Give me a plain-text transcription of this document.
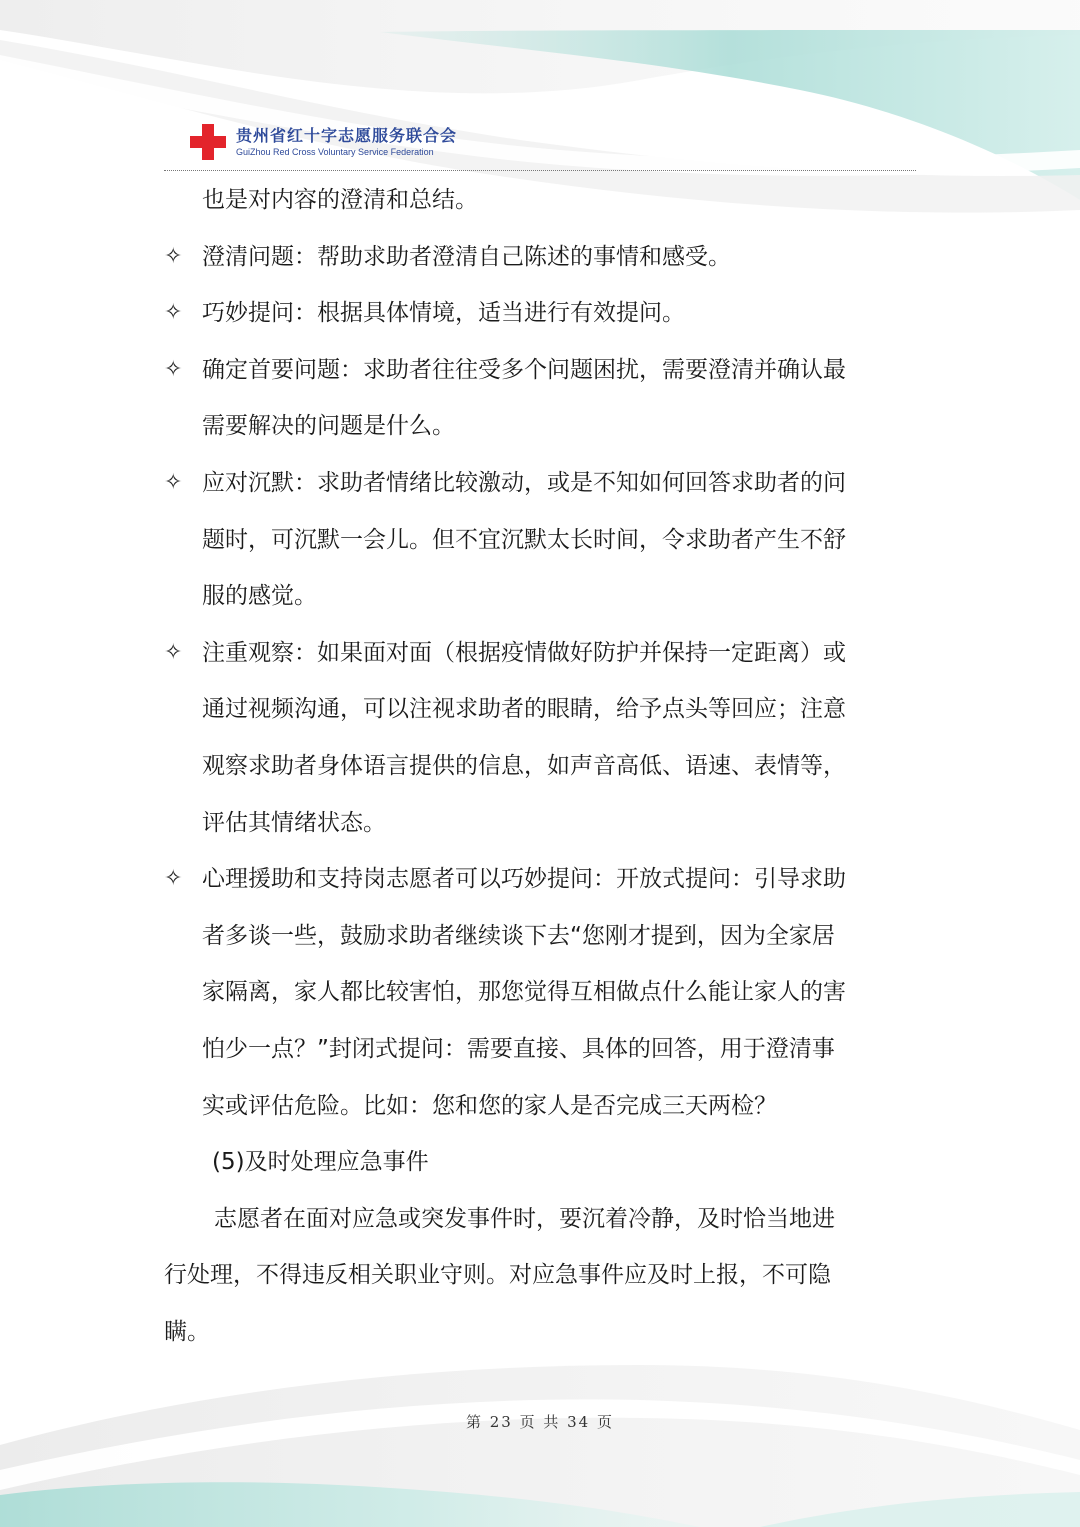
贵州省红十字志愿服务联合会
GuiZhou Red Cross Voluntary Service Federation
也是对内容的澄清和总结。
✧ 澄清问题：帮助求助者澄清自己陈述的事情和感受。
✧ 巧妙提问：根据具体情境，适当进行有效提问。
✧ 确定首要问题：求助者往往受多个问题困扰，需要澄清并确认最
需要解决的问题是什么。
✧ 应对沉默：求助者情绪比较激动，或是不知如何回答求助者的问
题时，可沉默一会儿。但不宜沉默太长时间，令求助者产生不舒
服的感觉。
✧ 注重观察：如果面对面（根据疫情做好防护并保持一定距离）或
通过视频沟通，可以注视求助者的眼睛，给予点头等回应；注意
观察求助者身体语言提供的信息，如声音高低、语速、表情等，
评估其情绪状态。
✧ 心理援助和支持岗志愿者可以巧妙提问：开放式提问：引导求助
者多谈一些，鼓励求助者继续谈下去“您刚才提到，因为全家居
家隔离，家人都比较害怕，那您觉得互相做点什么能让家人的害
怕少一点？”封闭式提问：需要直接、具体的回答，用于澄清事
实或评估危险。比如：您和您的家人是否完成三天两检？
(5)及时处理应急事件
志愿者在面对应急或突发事件时，要沉着冷静，及时恰当地进
行处理，不得违反相关职业守则。对应急事件应及时上报，不可隐
瞒。
第 23 页 共 34 页
